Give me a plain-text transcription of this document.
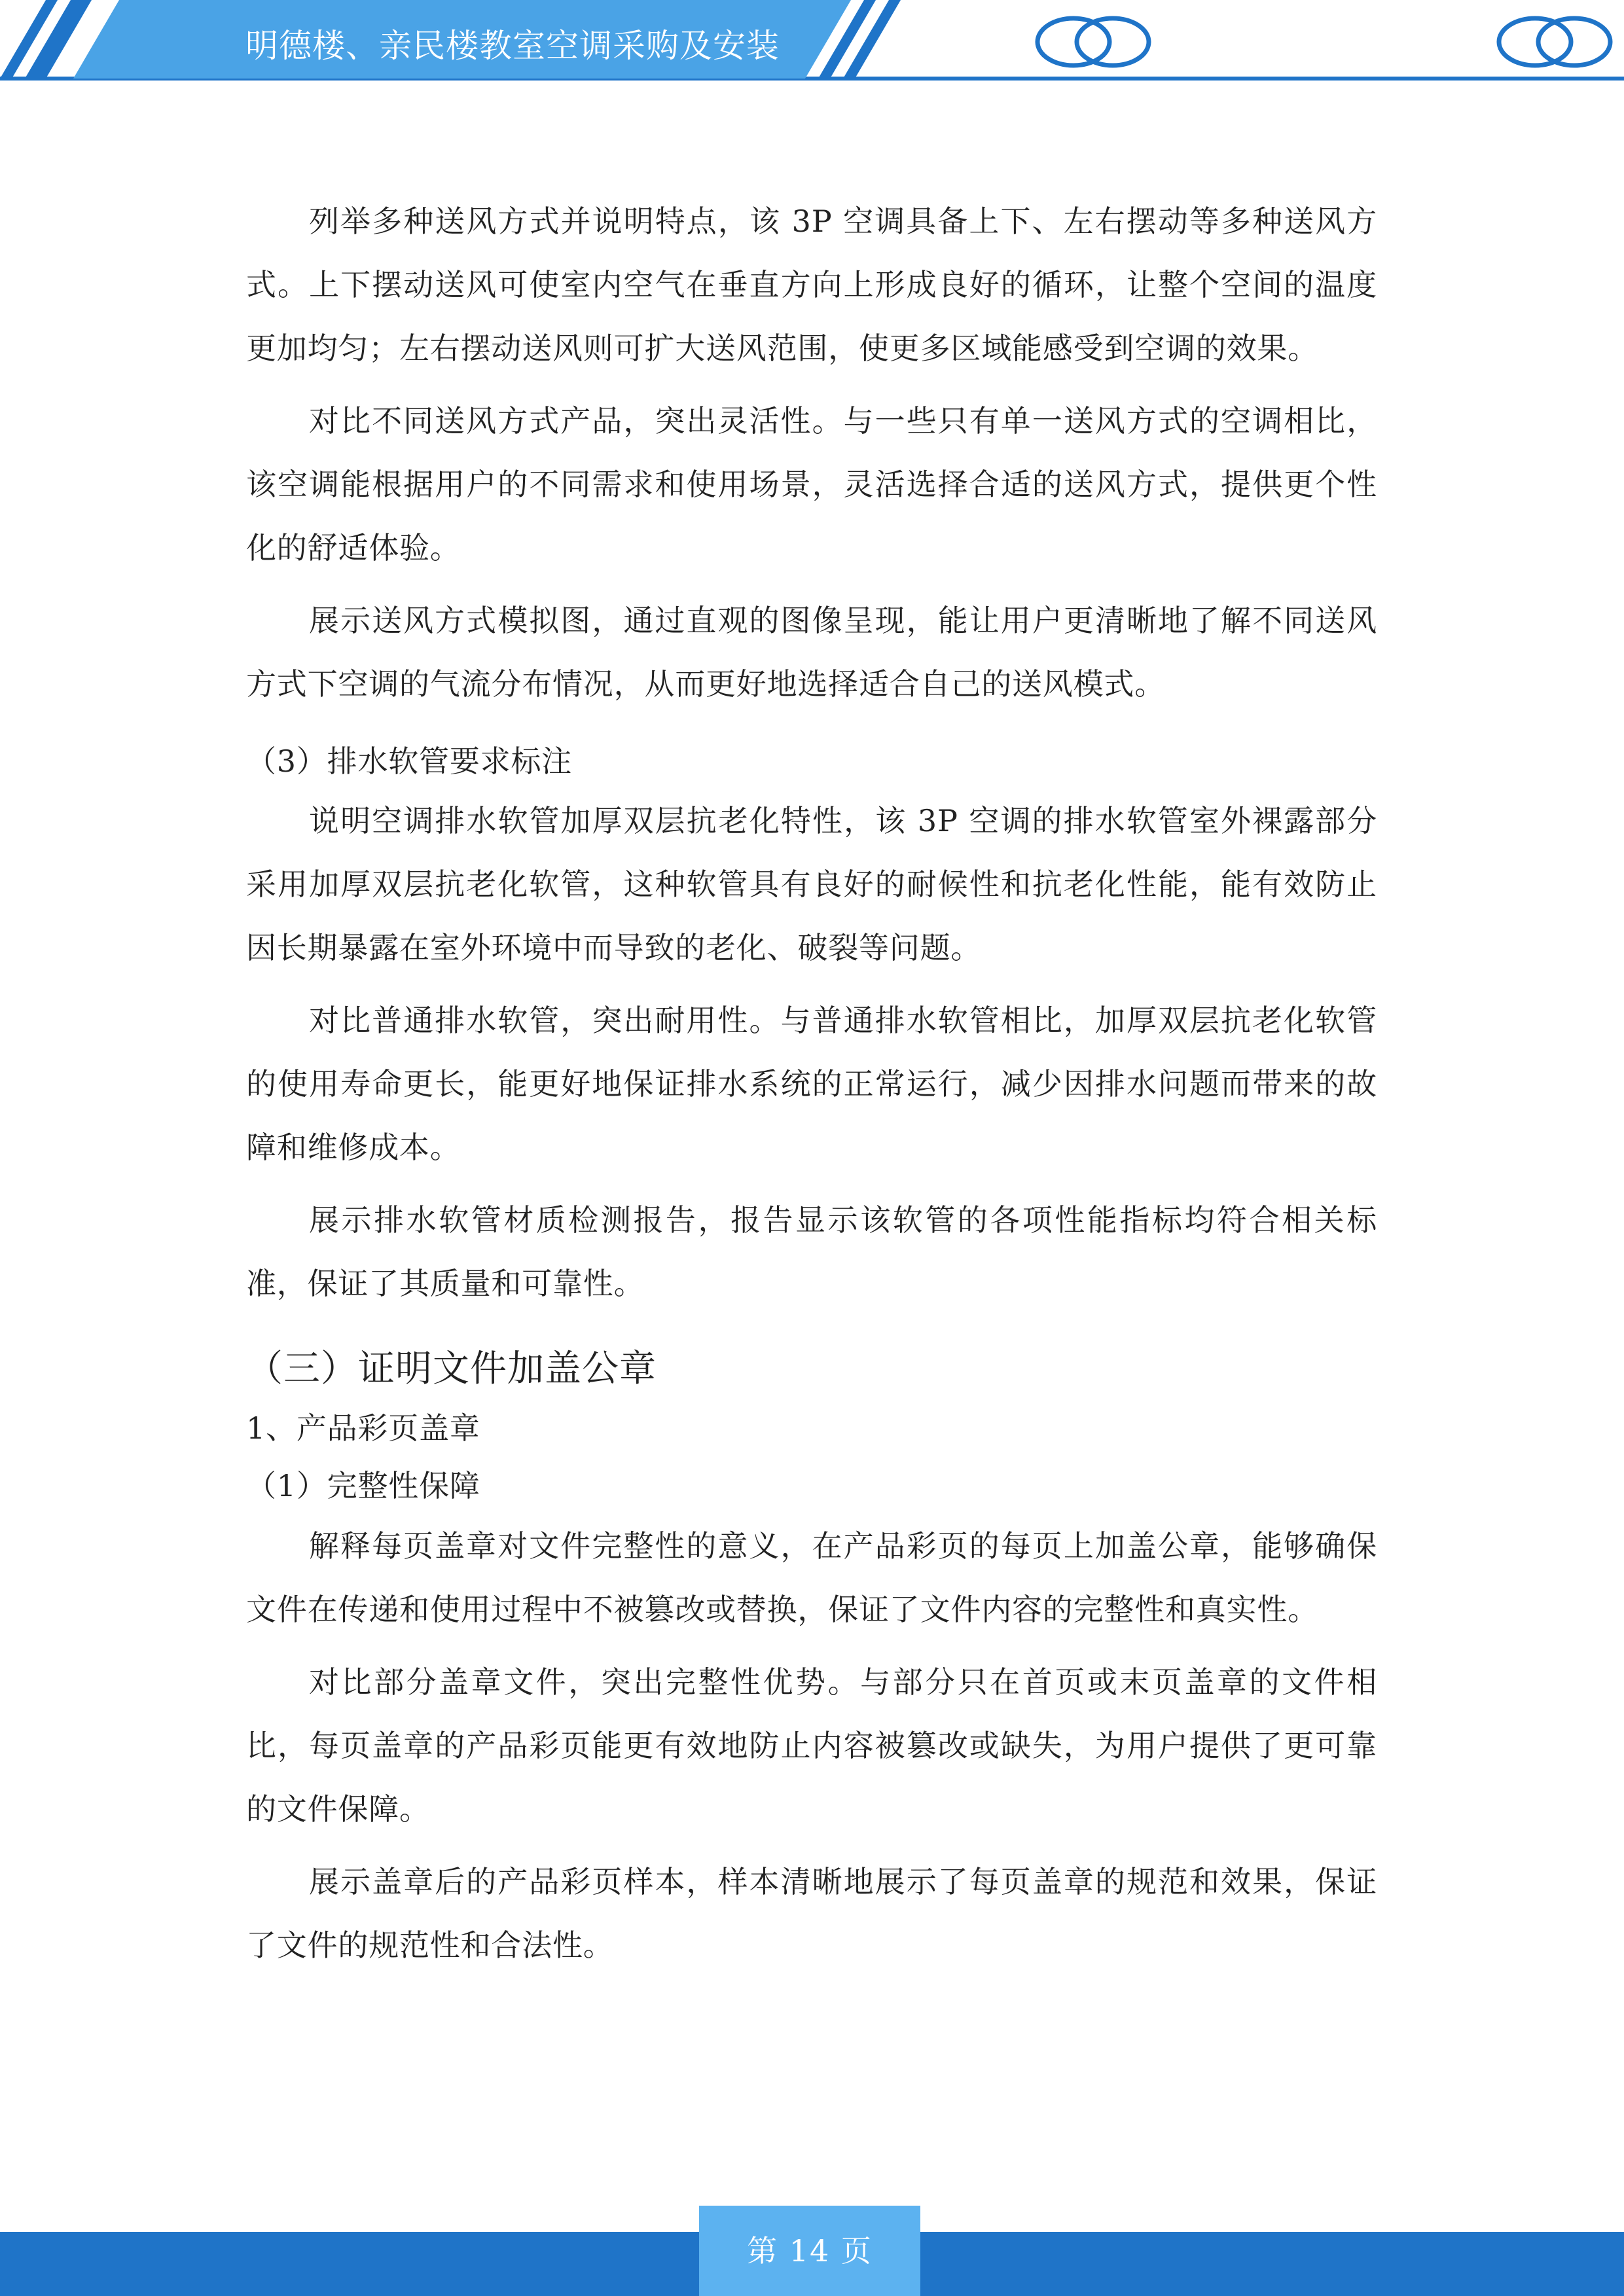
明德楼、亲民楼教室空调采购及安装

列举多种送风方式并说明特点，该 3P 空调具备上下、左右摆动等多种送风方式。上下摆动送风可使室内空气在垂直方向上形成良好的循环，让整个空间的温度更加均匀；左右摆动送风则可扩大送风范围，使更多区域能感受到空调的效果。

对比不同送风方式产品，突出灵活性。与一些只有单一送风方式的空调相比，该空调能根据用户的不同需求和使用场景，灵活选择合适的送风方式，提供更个性化的舒适体验。

展示送风方式模拟图，通过直观的图像呈现，能让用户更清晰地了解不同送风方式下空调的气流分布情况，从而更好地选择适合自己的送风模式。

（3）排水软管要求标注

说明空调排水软管加厚双层抗老化特性，该 3P 空调的排水软管室外裸露部分采用加厚双层抗老化软管，这种软管具有良好的耐候性和抗老化性能，能有效防止因长期暴露在室外环境中而导致的老化、破裂等问题。

对比普通排水软管，突出耐用性。与普通排水软管相比，加厚双层抗老化软管的使用寿命更长，能更好地保证排水系统的正常运行，减少因排水问题而带来的故障和维修成本。

展示排水软管材质检测报告，报告显示该软管的各项性能指标均符合相关标准，保证了其质量和可靠性。

（三）证明文件加盖公章
1、产品彩页盖章
（1）完整性保障

解释每页盖章对文件完整性的意义，在产品彩页的每页上加盖公章，能够确保文件在传递和使用过程中不被篡改或替换，保证了文件内容的完整性和真实性。

对比部分盖章文件，突出完整性优势。与部分只在首页或末页盖章的文件相比，每页盖章的产品彩页能更有效地防止内容被篡改或缺失，为用户提供了更可靠的文件保障。

展示盖章后的产品彩页样本，样本清晰地展示了每页盖章的规范和效果，保证了文件的规范性和合法性。

第 14 页
